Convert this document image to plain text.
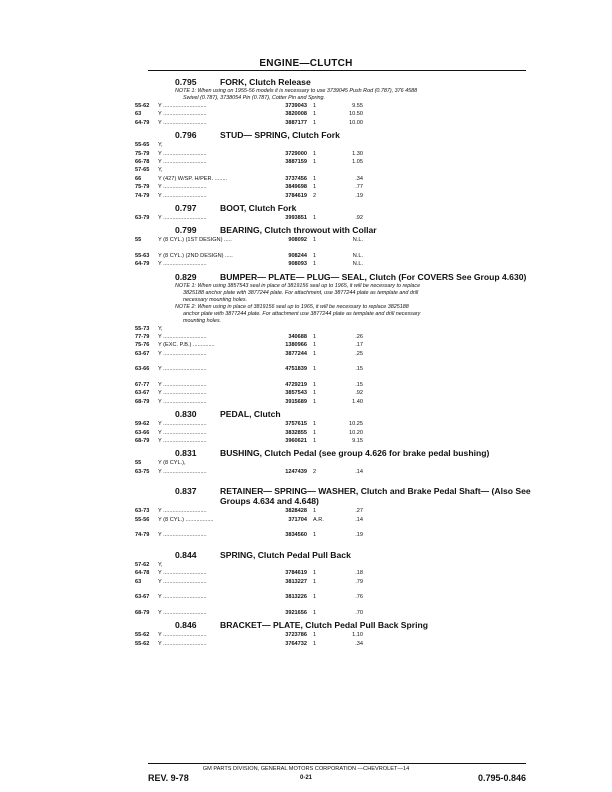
ENGINE—CLUTCH
0.795	FORK, Clutch Release
NOTE 1: When using on 1955-56 models it is necessary to use 3739045 Push Rod (0.787), 376 4588
Swivel (0.787), 3738054 Pin (0.787), Cotter Pin and Spring.
55-62 Y ............................	3739043 1	9.55
63	Y ............................	3820008 1	10.50
64-79 Y ............................	3887177 1	10.00
0.796	STUD— SPRING, Clutch Fork
55-65 Y,
75-79 Y ............................	3729000 1	1.30
66-78 Y ............................	3887159 1	1.05
57-65 Y,
66	Y (427) W/SP. H/PER. ........	3737456 1	.34
75-79 Y ............................	3849698 1	.77
74-79 Y ............................	3784619 2	.19
0.797	BOOT, Clutch Fork
63-79 Y ............................	3993851 1	.92
0.799	BEARING, Clutch throwout with Collar
55	Y (8 CYL.) (1ST DESIGN) .....	908092 1	N.L.
55-63 Y (8 CYL.) (2ND DESIGN) .....	908244 1	N.L.
64-79 Y ............................	908093 1	N.L.
0.829	BUMPER— PLATE— PLUG— SEAL, Clutch (For COVERS See Group 4.630)
NOTE 1: When using 3857543 seal in place of 3819156 seal up to 1965, it will be necessary to replace
3825188 anchor plate with 3877244 plate. For attachment, use 3877244 plate as template and drill
necessary mounting holes.
NOTE 2: When using in place of 3819156 seal up to 1965, it will be necessary to replace 3825188
anchor plate with 3877244 plate. For attachment use 3877244 plate as template and drill necessary
mounting holes.
55-73 Y,
77-79 Y ............................	340688 1	.26
75-76 Y (EXC. P.B.) ..............	1380966 1	.17
63-67 Y ............................	3877244 1	.25
63-66 Y ............................	4751839 1	.15
67-77 Y ............................	4729219 1	.15
63-67 Y ............................	3857543 1	.92
68-79 Y ............................	3915689 1	1.40
0.830	PEDAL, Clutch
59-62 Y ............................	3757615 1	10.25
63-66 Y ............................	3832855 1	10.20
68-79 Y ............................	3960621 1	9.15
0.831	BUSHING, Clutch Pedal (see group 4.626 for brake pedal bushing)
55	Y (8 CYL.),
63-75 Y ............................	1247439 2	.14
0.837	RETAINER— SPRING— WASHER, Clutch and Brake Pedal Shaft— (Also See Groups 4.634 and 4.648)
63-73 Y ............................	3828428 1	.27
55-56 Y (8 CYL.) ..................	371704 A.R.	.14
74-79 Y ............................	3834560 1	.19
0.844	SPRING, Clutch Pedal Pull Back
57-62 Y,
64-78 Y ............................	3784619 1	.18
63	Y ............................	3813227 1	.79
63-67 Y ............................	3813226 1	.76
68-79 Y ............................	3921656 1	.70
0.846	BRACKET— PLATE, Clutch Pedal Pull Back Spring
55-62 Y ............................	3723786 1	1.10
55-62 Y ............................	3764732 1	.34
GM PARTS DIVISION, GENERAL MOTORS CORPORATION —CHEVROLET—14
REV. 9-78	0-21	0.795-0.846
